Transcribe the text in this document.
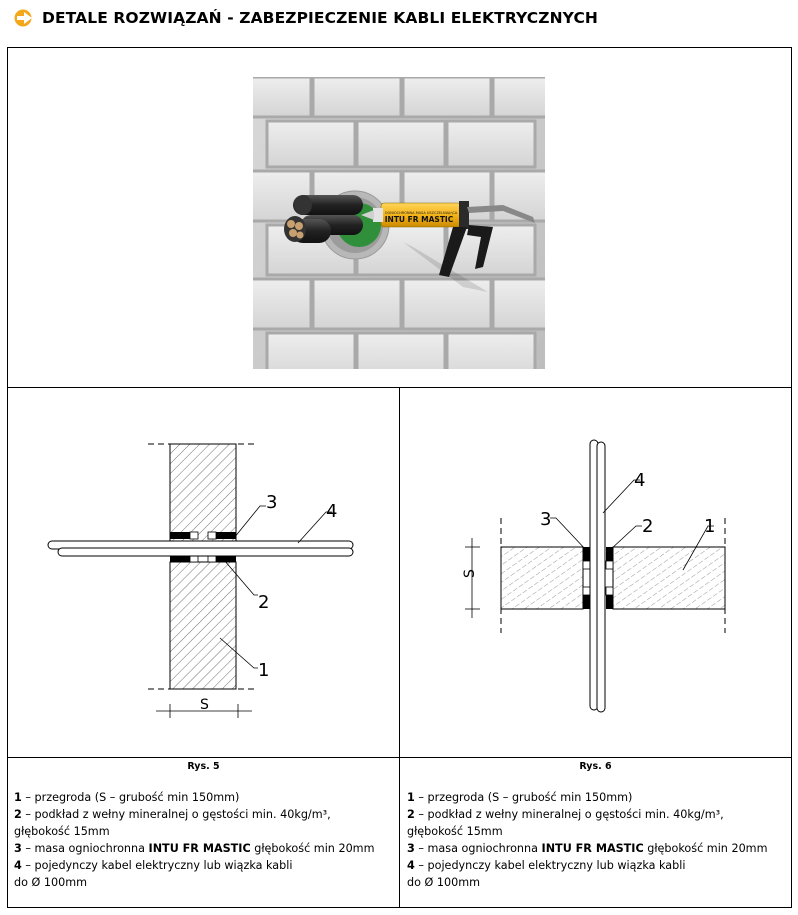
DETALE ROZWIĄZAŃ - ZABEZPIECZENIE KABLI ELEKTRYCZNYCH
OGNIOCHRONNA MASA USZCZELNIAJĄCA
INTU FR MASTIC
3	4
2
1
S
4
2
3	1
S
Rys. 5	Rys. 6

1 – przegroda (S – grubość min 150mm)

2 – podkład z wełny mineralnej o gęstości min. 40kg/m³,
głębokość 15mm

3 – masa ogniochronna INTU FR MASTIC głębokość min 20mm

4 – pojedynczy kabel elektryczny lub wiązka kabli
do Ø 100mm

1 – przegroda (S – grubość min 150mm)

2 – podkład z wełny mineralnej o gęstości min. 40kg/m³,
głębokość 15mm

3 – masa ogniochronna INTU FR MASTIC głębokość min 20mm

4 – pojedynczy kabel elektryczny lub wiązka kabli
do Ø 100mm
